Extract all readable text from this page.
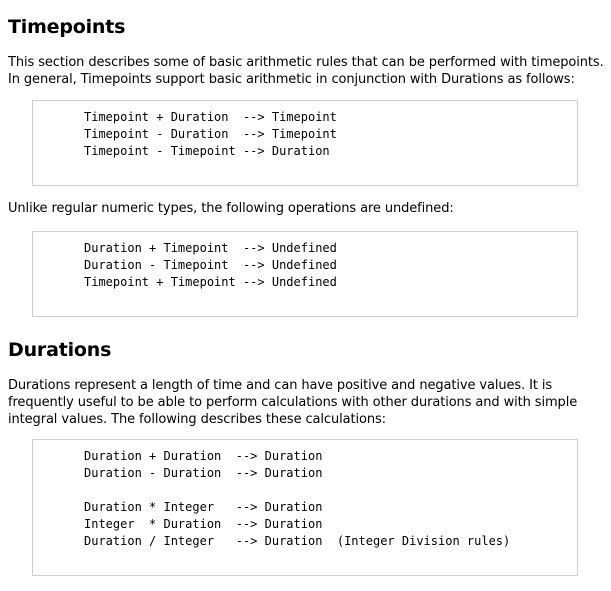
Timepoints

This section describes some of basic arithmetic rules that can be performed with timepoints. In general, Timepoints support basic arithmetic in conjunction with Durations as follows:

Timepoint + Duration  --> Timepoint
Timepoint - Duration  --> Timepoint
Timepoint - Timepoint --> Duration

Unlike regular numeric types, the following operations are undefined:

Duration + Timepoint  --> Undefined
Duration - Timepoint  --> Undefined
Timepoint + Timepoint --> Undefined
Durations

Durations represent a length of time and can have positive and negative values. It is frequently useful to be able to perform calculations with other durations and with simple integral values. The following describes these calculations:

Duration + Duration  --> Duration
Duration - Duration  --> Duration

Duration * Integer   --> Duration
Integer  * Duration  --> Duration
Duration / Integer   --> Duration  (Integer Division rules)
